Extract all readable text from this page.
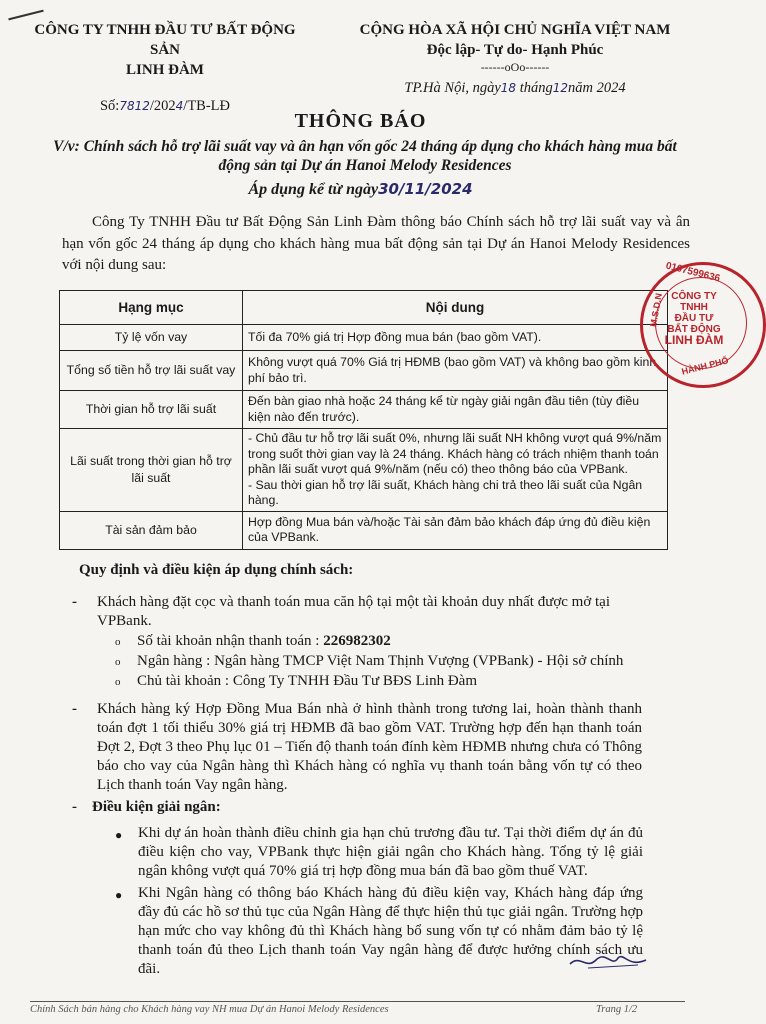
CÔNG TY TNHH ĐẦU TƯ BẤT ĐỘNG SẢN
LINH ĐÀM
Số:7812/2024/TB-LĐ
CỘNG HÒA XÃ HỘI CHỦ NGHĨA VIỆT NAM
Độc lập- Tự do- Hạnh Phúc
------oOo------
TP.Hà Nội, ngày18 tháng12năm 2024
THÔNG BÁO
V/v: Chính sách hỗ trợ lãi suất vay và ân hạn vốn gốc 24 tháng áp dụng cho khách hàng mua bất động sản tại Dự án Hanoi Melody Residences
Áp dụng kể từ ngày30/11/2024
Công Ty TNHH Đầu tư Bất Động Sản Linh Đàm thông báo Chính sách hỗ trợ lãi suất vay và ân hạn vốn gốc 24 tháng áp dụng cho khách hàng mua bất động sản tại Dự án Hanoi Melody Residences với nội dung sau:
Hạng mục	Nội dung
Tỷ lệ vốn vay	Tối đa 70% giá trị Hợp đồng mua bán (bao gồm VAT).
Tổng số tiền hỗ trợ lãi suất vay	Không vượt quá 70% Giá trị HĐMB (bao gồm VAT) và không bao gồm kinh phí bảo trì.
Thời gian hỗ trợ lãi suất	Đến bàn giao nhà hoặc 24 tháng kể từ ngày giải ngân đầu tiên (tùy điều kiện nào đến trước).
Lãi suất trong thời gian hỗ trợ lãi suất	- Chủ đầu tư hỗ trợ lãi suất 0%, nhưng lãi suất NH không vượt quá 9%/năm trong suốt thời gian vay là 24 tháng. Khách hàng có trách nhiệm thanh toán phần lãi suất vượt quá 9%/năm (nếu có) theo thông báo của VPBank.
- Sau thời gian hỗ trợ lãi suất, Khách hàng chi trả theo lãi suất của Ngân hàng.

Tài sản đảm bảo	Hợp đồng Mua bán và/hoặc Tài sản đảm bảo khách đáp ứng đủ điều kiện của VPBank.
0107599636
M.S.D.N CÔNG TY
TNHH
ĐẦU TƯ
BẤT ĐỘNG
LINH ĐÀM
HÀNH PHỐ
Quy định và điều kiện áp dụng chính sách:
- Khách hàng đặt cọc và thanh toán mua căn hộ tại một tài khoản duy nhất được mở tại VPBank.
o Số tài khoản nhận thanh toán : 226982302
o Ngân hàng : Ngân hàng TMCP Việt Nam Thịnh Vượng (VPBank) - Hội sở chính
o Chủ tài khoản : Công Ty TNHH Đầu Tư BĐS Linh Đàm
- Khách hàng ký Hợp Đồng Mua Bán nhà ở hình thành trong tương lai, hoàn thành thanh toán đợt 1 tối thiểu 30% giá trị HĐMB đã bao gồm VAT. Trường hợp đến hạn thanh toán Đợt 2, Đợt 3 theo Phụ lục 01 – Tiến độ thanh toán đính kèm HĐMB nhưng chưa có Thông báo cho vay của Ngân hàng thì Khách hàng có nghĩa vụ thanh toán bằng vốn tự có theo Lịch thanh toán Vay ngân hàng.
- Điều kiện giải ngân:
● Khi dự án hoàn thành điều chỉnh gia hạn chủ trương đầu tư. Tại thời điểm dự án đủ điều kiện cho vay, VPBank thực hiện giải ngân cho Khách hàng. Tổng tỷ lệ giải ngân không vượt quá 70% giá trị hợp đồng mua bán đã bao gồm thuế VAT.
● Khi Ngân hàng có thông báo Khách hàng đủ điều kiện vay, Khách hàng đáp ứng đầy đủ các hồ sơ thủ tục của Ngân Hàng để thực hiện thủ tục giải ngân. Trường hợp hạn mức cho vay không đủ thì Khách hàng bổ sung vốn tự có nhằm đảm bảo tỷ lệ thanh toán đủ theo Lịch thanh toán Vay ngân hàng để được hưởng chính sách ưu đãi.
Chính Sách bán hàng cho Khách hàng vay NH mua Dự án Hanoi Melody Residences	Trang 1/2
